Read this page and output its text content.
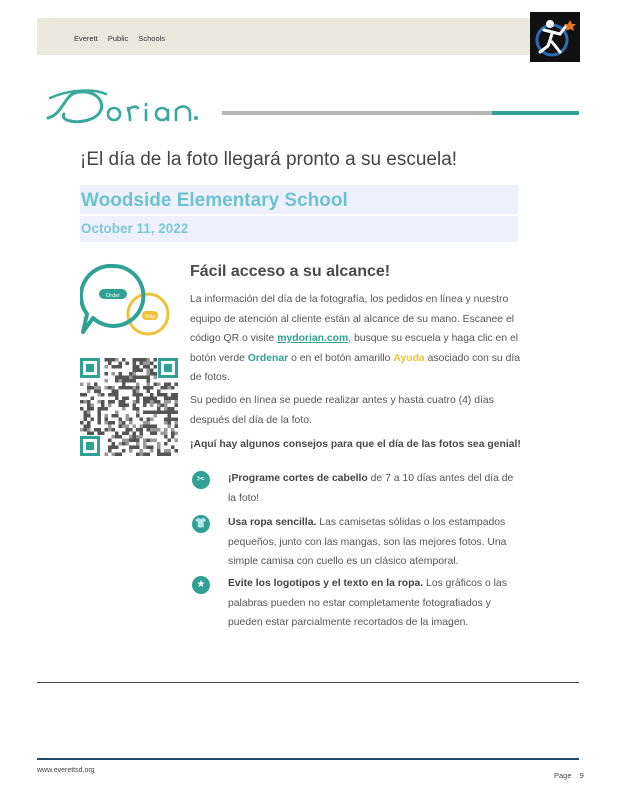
Everett Public Schools
¡El día de la foto llegará pronto a su escuela!
Woodside Elementary School
October 11, 2022
Help
Order
Fácil acceso a su alcance!
La información del día de la fotografía, los pedidos en línea y nuestro equipo de atención al cliente están al alcance de su mano. Escanee el código QR o visite mydorian.com, busque su escuela y haga clic en el botón verde Ordenar o en el botón amarillo Ayuda asociado con su día de fotos.
Su pedido en línea se puede realizar antes y hasta cuatro (4) días después del día de la foto.
¡Aquí hay algunos consejos para que el día de las fotos sea genial!
✂	¡Programe cortes de cabello de 7 a 10 días antes del día de la foto!
👕 Usa ropa sencilla. Las camisetas sólidas o los estampados pequeños, junto con las mangas, son las mejores fotos. Una simple camisa con cuello es un clásico atemporal.
★	Evite los logotipos y el texto en la ropa. Los gráficos o las palabras pueden no estar completamente fotografiados y pueden estar parcialmente recortados de la imagen.
www.everettsd.org
Page 9
